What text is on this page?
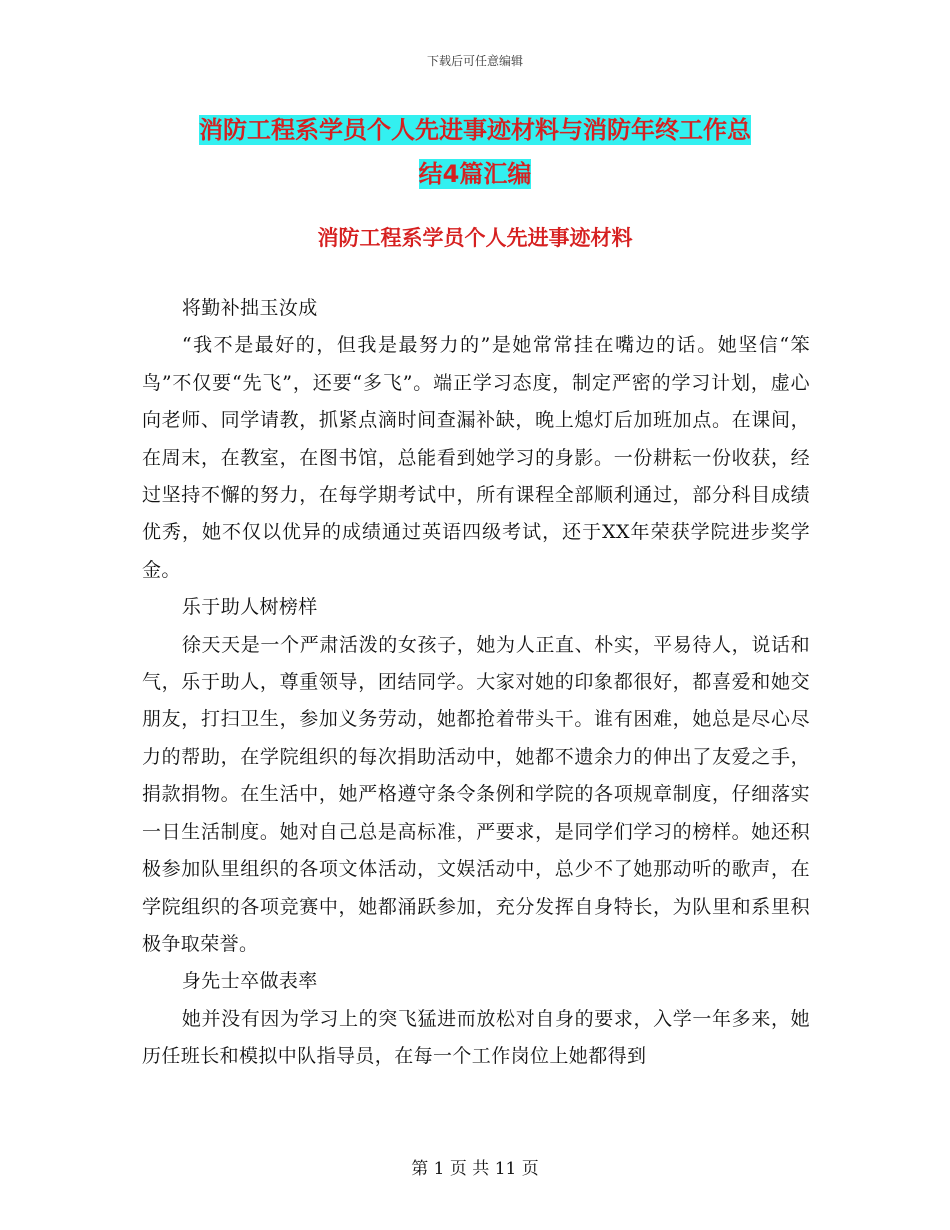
下载后可任意编辑
消防工程系学员个人先进事迹材料与消防年终工作总
结4篇汇编
消防工程系学员个人先进事迹材料

将勤补拙玉汝成

“我不是最好的，但我是最努力的”是她常常挂在嘴边的话。她坚信“笨鸟”不仅要“先飞”，还要“多飞”。端正学习态度，制定严密的学习计划，虚心向老师、同学请教，抓紧点滴时间查漏补缺，晚上熄灯后加班加点。在课间，在周末，在教室，在图书馆，总能看到她学习的身影。一份耕耘一份收获，经过坚持不懈的努力，在每学期考试中，所有课程全部顺利通过，部分科目成绩优秀，她不仅以优异的成绩通过英语四级考试，还于XX年荣获学院进步奖学金。

乐于助人树榜样

徐天天是一个严肃活泼的女孩子，她为人正直、朴实，平易待人，说话和气，乐于助人，尊重领导，团结同学。大家对她的印象都很好，都喜爱和她交朋友，打扫卫生，参加义务劳动，她都抢着带头干。谁有困难，她总是尽心尽力的帮助，在学院组织的每次捐助活动中，她都不遗余力的伸出了友爱之手，捐款捐物。在生活中，她严格遵守条令条例和学院的各项规章制度，仔细落实一日生活制度。她对自己总是高标准，严要求，是同学们学习的榜样。她还积极参加队里组织的各项文体活动，文娱活动中，总少不了她那动听的歌声，在学院组织的各项竞赛中，她都涌跃参加，充分发挥自身特长，为队里和系里积极争取荣誉。

身先士卒做表率

她并没有因为学习上的突飞猛进而放松对自身的要求，入学一年多来，她历任班长和模拟中队指导员，在每一个工作岗位上她都得到

第 1 页 共 11 页
